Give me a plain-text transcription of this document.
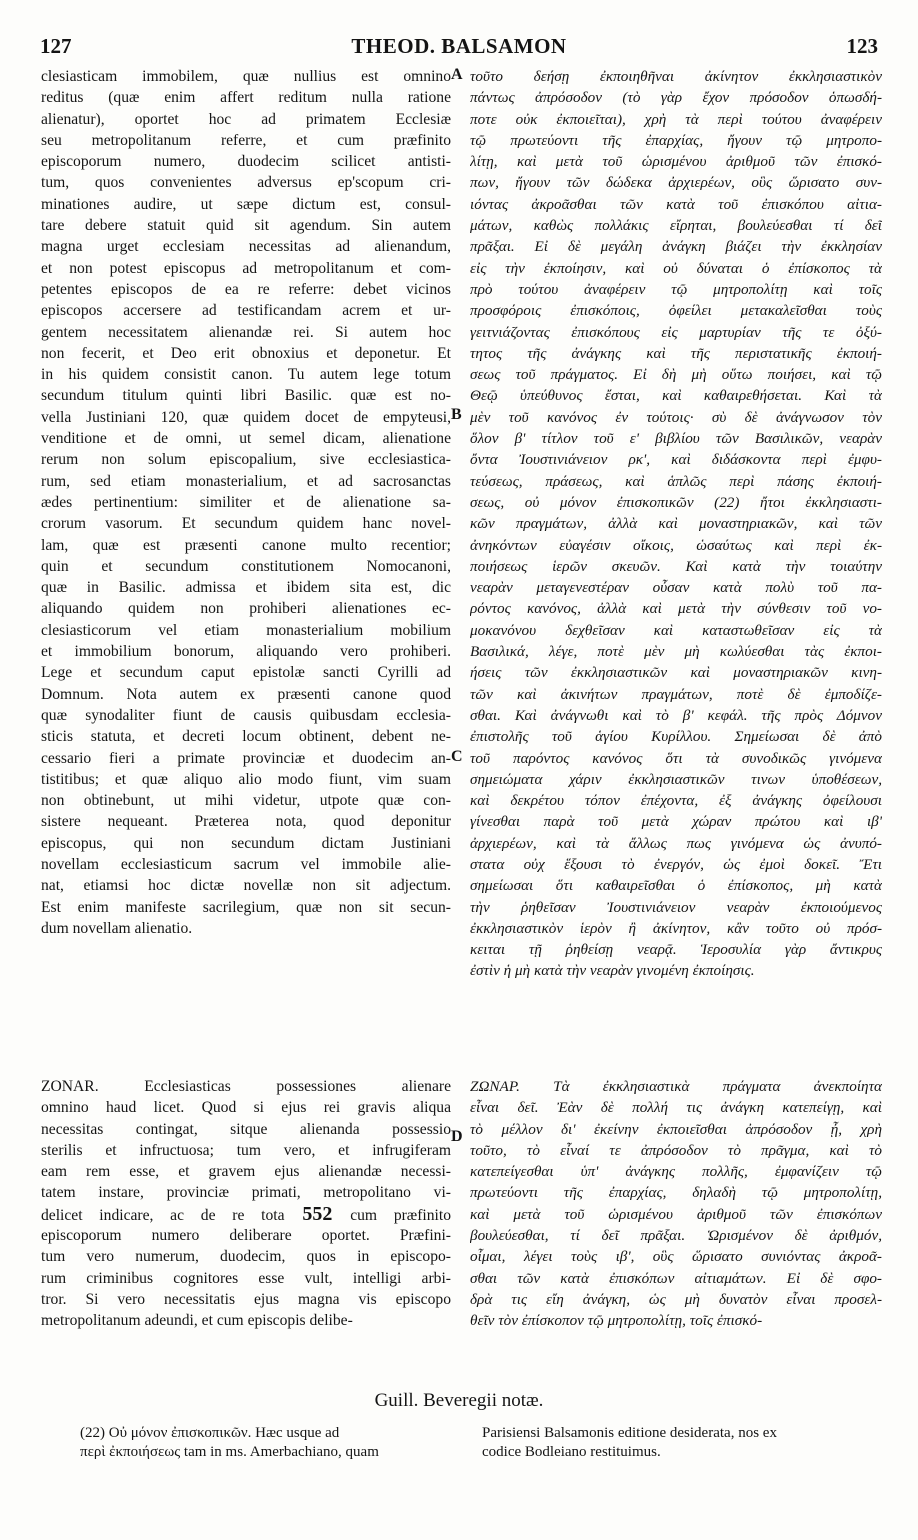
127	THEOD. BALSAMON	123
clesiasticam immobilem, quæ nullius est omnino
reditus (quæ enim affert reditum nulla ratione
alienatur), oportet hoc ad primatem Ecclesiæ
seu metropolitanum referre, et cum præfinito
episcoporum numero, duodecim scilicet antisti-
tum, quos convenientes adversus ep'scopum cri-
minationes audire, ut sæpe dictum est, consul-
tare debere statuit quid sit agendum. Sin autem
magna urget ecclesiam necessitas ad alienandum,
et non potest episcopus ad metropolitanum et com-
petentes episcopos de ea re referre: debet vicinos
episcopos accersere ad testificandam acrem et ur-
gentem necessitatem alienandæ rei. Si autem hoc
non fecerit, et Deo erit obnoxius et deponetur. Et
in his quidem consistit canon. Tu autem lege totum
secundum titulum quinti libri Basilic. quæ est no-
vella Justiniani 120, quæ quidem docet de empyteusi,
venditione et de omni, ut semel dicam, alienatione
rerum non solum episcopalium, sive ecclesiastica-
rum, sed etiam monasterialium, et ad sacrosanctas
ædes pertinentium: similiter et de alienatione sa-
crorum vasorum. Et secundum quidem hanc novel-
lam, quæ est præsenti canone multo recentior;
quin et secundum constitutionem Nomocanoni,
quæ in Basilic. admissa et ibidem sita est, dic
aliquando quidem non prohiberi alienationes ec-
clesiasticorum vel etiam monasterialium mobilium
et immobilium bonorum, aliquando vero prohiberi.
Lege et secundum caput epistolæ sancti Cyrilli ad
Domnum. Nota autem ex præsenti canone quod
quæ synodaliter fiunt de causis quibusdam ecclesia-
sticis statuta, et decreti locum obtinent, debent ne-
cessario fieri a primate provinciæ et duodecim an-
tistitibus; et quæ aliquo alio modo fiunt, vim suam
non obtinebunt, ut mihi videtur, utpote quæ con-
sistere nequeant. Præterea nota, quod deponitur
episcopus, qui non secundum dictam Justiniani
novellam ecclesiasticum sacrum vel immobile alie-
nat, etiamsi hoc dictæ novellæ non sit adjectum.
Est enim manifeste sacrilegium, quæ non sit secun-
dum novellam alienatio.
τοῦτο δεήσῃ ἐκποιηθῆναι ἀκίνητον ἐκκλησιαστικὸν
πάντως ἀπρόσοδον (τὸ γὰρ ἔχον πρόσοδον ὁπωσδή-
ποτε οὐκ ἐκποιεῖται), χρὴ τὰ περὶ τούτου ἀναφέρειν
τῷ πρωτεύοντι τῆς ἐπαρχίας, ἤγουν τῷ μητροπο-
λίτῃ, καὶ μετὰ τοῦ ὡρισμένου ἀριθμοῦ τῶν ἐπισκό-
πων, ἤγουν τῶν δώδεκα ἀρχιερέων, οὓς ὥρισατο συν-
ιόντας ἀκροᾶσθαι τῶν κατὰ τοῦ ἐπισκόπου αἰτια-
μάτων, καθὼς πολλάκις εἴρηται, βουλεύεσθαι τί δεῖ
πρᾶξαι. Εἰ δὲ μεγάλη ἀνάγκη βιάζει τὴν ἐκκλησίαν
εἰς τὴν ἐκποίησιν, καὶ οὐ δύναται ὁ ἐπίσκοπος τὰ
πρὸ τούτου ἀναφέρειν τῷ μητροπολίτῃ καὶ τοῖς
προσφόροις ἐπισκόποις, ὀφείλει μετακαλεῖσθαι τοὺς
γειτνιάζοντας ἐπισκόπους εἰς μαρτυρίαν τῆς τε ὀξύ-
τητος τῆς ἀνάγκης καὶ τῆς περιστατικῆς ἐκποιή-
σεως τοῦ πράγματος. Εἰ δὴ μὴ οὕτω ποιήσει, καὶ τῷ
Θεῷ ὑπεύθυνος ἔσται, καὶ καθαιρεθήσεται. Καὶ τὰ
μὲν τοῦ κανόνος ἐν τούτοις· σὺ δὲ ἀνάγνωσον τὸν
ὅλον β' τίτλον τοῦ ε' βιβλίου τῶν Βασιλικῶν, νεαρὰν
ὄντα Ἰουστινιάνειον ρκ', καὶ διδάσκοντα περὶ ἐμφυ-
τεύσεως, πράσεως, καὶ ἁπλῶς περὶ πάσης ἐκποιή-
σεως, οὐ μόνον ἐπισκοπικῶν (22) ἤτοι ἐκκλησιαστι-
κῶν πραγμάτων, ἀλλὰ καὶ μοναστηριακῶν, καὶ τῶν
ἀνηκόντων εὐαγέσιν οἴκοις, ὡσαύτως καὶ περὶ ἐκ-
ποιήσεως ἱερῶν σκευῶν. Καὶ κατὰ τὴν τοιαύτην
νεαρὰν μεταγενεστέραν οὖσαν κατὰ πολὺ τοῦ πα-
ρόντος κανόνος, ἀλλὰ καὶ μετὰ τὴν σύνθεσιν τοῦ νο-
μοκανόνου δεχθεῖσαν καὶ καταστωθεῖσαν εἰς τὰ
Βασιλικά, λέγε, ποτὲ μὲν μὴ κωλύεσθαι τὰς ἐκποι-
ήσεις τῶν ἐκκλησιαστικῶν καὶ μοναστηριακῶν κινη-
τῶν καὶ ἀκινήτων πραγμάτων, ποτὲ δὲ ἐμποδίζε-
σθαι. Καὶ ἀνάγνωθι καὶ τὸ β' κεφάλ. τῆς πρὸς Δόμνον
ἐπιστολῆς τοῦ ἁγίου Κυρίλλου. Σημείωσαι δὲ ἀπὸ
τοῦ παρόντος κανόνος ὅτι τὰ συνοδικῶς γινόμενα
σημειώματα χάριν ἐκκλησιαστικῶν τινων ὑποθέσεων,
καὶ δεκρέτου τόπον ἐπέχοντα, ἐξ ἀνάγκης ὀφείλουσι
γίνεσθαι παρὰ τοῦ μετὰ χώραν πρώτου καὶ ιβ'
ἀρχιερέων, καὶ τὰ ἄλλως πως γινόμενα ὡς ἀνυπό-
στατα οὐχ ἕξουσι τὸ ἐνεργόν, ὡς ἐμοὶ δοκεῖ. Ἔτι
σημείωσαι ὅτι καθαιρεῖσθαι ὁ ἐπίσκοπος, μὴ κατὰ
τὴν ῥηθεῖσαν Ἰουστινιάνειον νεαρὰν ἐκποιούμενος
ἐκκλησιαστικὸν ἱερὸν ἢ ἀκίνητον, κἂν τοῦτο οὐ πρόσ-
κειται τῇ ῥηθείσῃ νεαρᾷ. Ἱεροσυλία γὰρ ἄντικρυς
ἐστὶν ἡ μὴ κατὰ τὴν νεαρὰν γινομένη ἐκποίησις.
A
B
C
D
ZONAR. Ecclesiasticas possessiones alienare
omnino haud licet. Quod si ejus rei gravis aliqua
necessitas contingat, sitque alienanda possessio
sterilis et infructuosa; tum vero, et infrugiferam
eam rem esse, et gravem ejus alienandæ necessi-
tatem instare, provinciæ primati, metropolitano vi-
delicet indicare, ac de re tota 552 cum præfinito
episcoporum numero deliberare oportet. Præfini-
tum vero numerum, duodecim, quos in episcopo-
rum criminibus cognitores esse vult, intelligi arbi-
tror. Si vero necessitatis ejus magna vis episcopo
metropolitanum adeundi, et cum episcopis delibe-
ΖΩΝΑΡ. Τὰ ἐκκλησιαστικὰ πράγματα ἀνεκποίητα
εἶναι δεῖ. Ἐὰν δὲ πολλή τις ἀνάγκη κατεπείγῃ, καὶ
τὸ μέλλον δι' ἐκείνην ἐκποιεῖσθαι ἀπρόσοδον ᾖ, χρὴ
τοῦτο, τὸ εἶναί τε ἀπρόσοδον τὸ πρᾶγμα, καὶ τὸ
κατεπείγεσθαι ὑπ' ἀνάγκης πολλῆς, ἐμφανίζειν τῷ
πρωτεύοντι τῆς ἐπαρχίας, δηλαδὴ τῷ μητροπολίτῃ,
καὶ μετὰ τοῦ ὡρισμένου ἀριθμοῦ τῶν ἐπισκόπων
βουλεύεσθαι, τί δεῖ πρᾶξαι. Ὡρισμένον δὲ ἀριθμόν,
οἶμαι, λέγει τοὺς ιβ', οὓς ὥρισατο συνιόντας ἀκροᾶ-
σθαι τῶν κατὰ ἐπισκόπων αἰτιαμάτων. Εἰ δὲ σφο-
δρὰ τις εἴη ἀνάγκη, ὡς μὴ δυνατὸν εἶναι προσελ-
θεῖν τὸν ἐπίσκοπον τῷ μητροπολίτῃ, τοῖς ἐπισκό-
Guill. Beveregii notæ.
(22) Οὐ μόνον ἐπισκοπικῶν. Hæc usque ad
περὶ ἐκποιήσεως tam in ms. Amerbachiano, quam
Parisiensi Balsamonis editione desiderata, nos ex
codice Bodleiano restituimus.
